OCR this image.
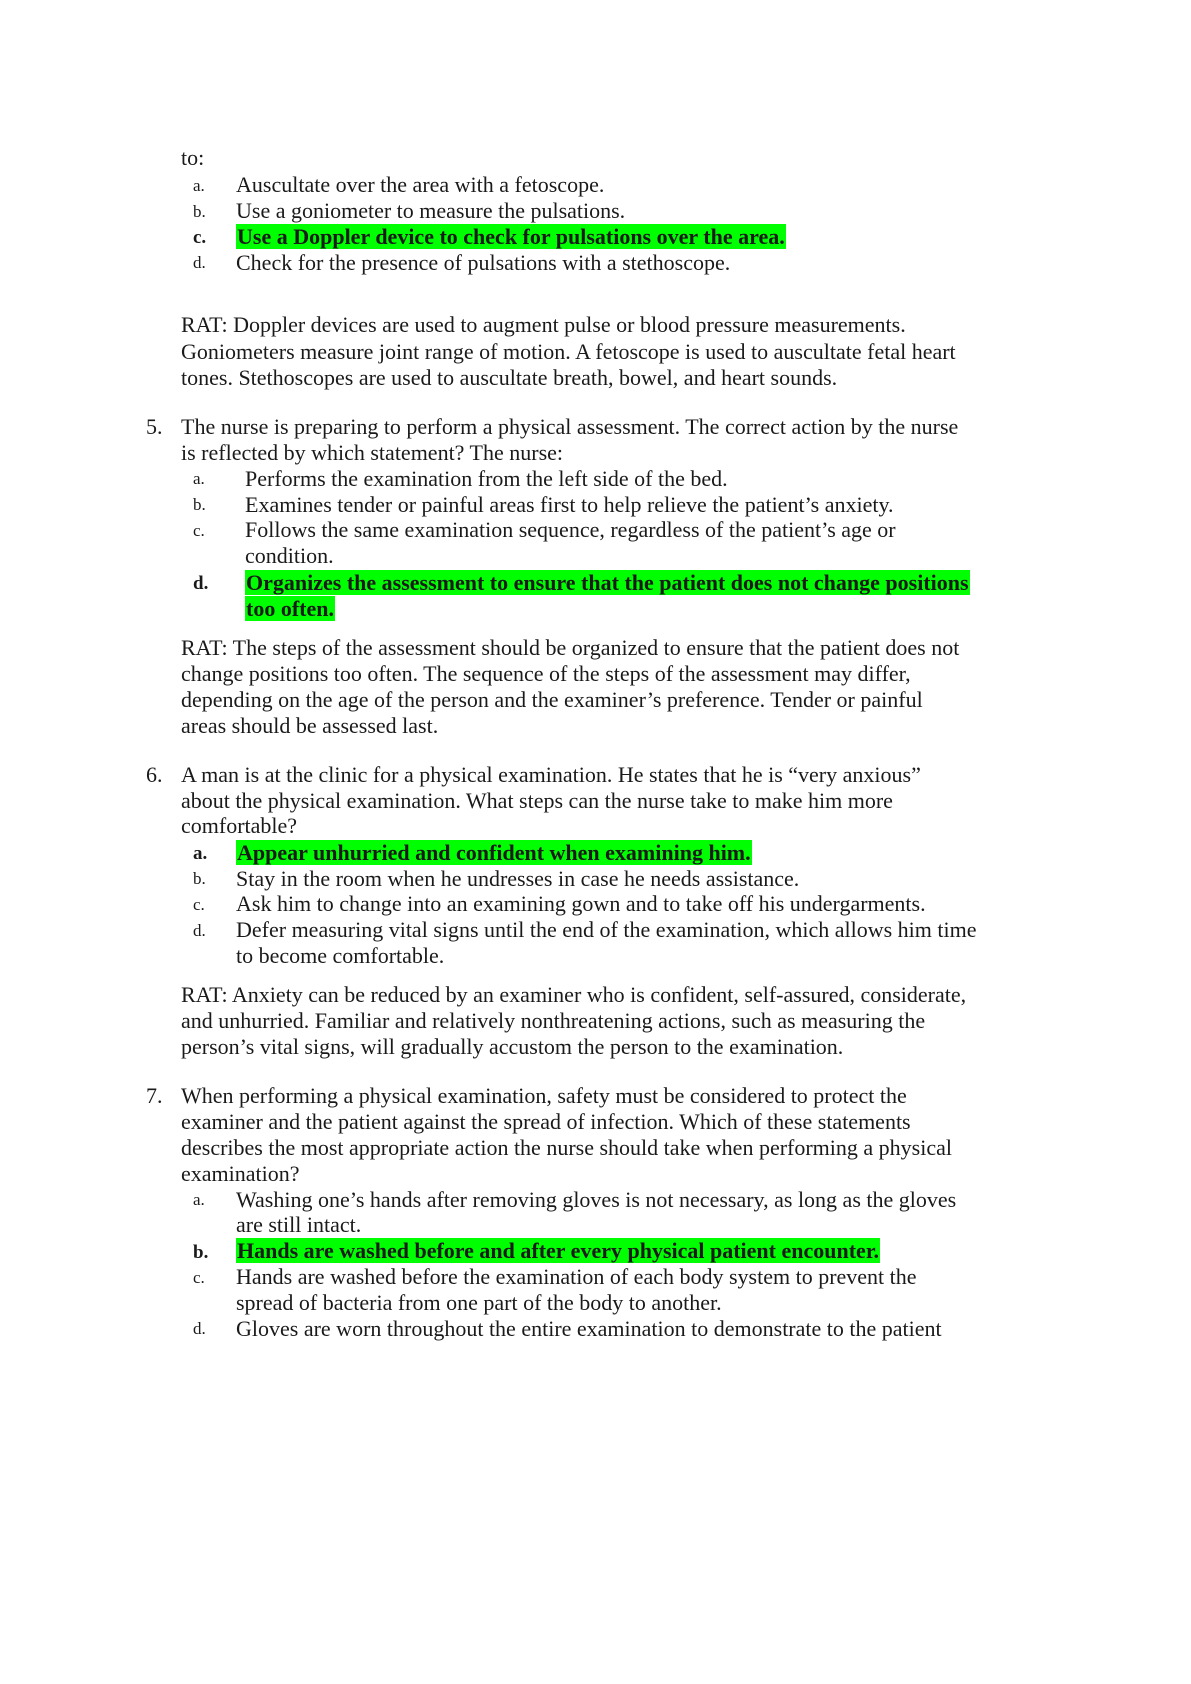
to:
a. Auscultate over the area with a fetoscope.
b. Use a goniometer to measure the pulsations.
c. Use a Doppler device to check for pulsations over the area.
d. Check for the presence of pulsations with a stethoscope.
RAT: Doppler devices are used to augment pulse or blood pressure measurements.
Goniometers measure joint range of motion. A fetoscope is used to auscultate fetal heart
tones. Stethoscopes are used to auscultate breath, bowel, and heart sounds.
5. The nurse is preparing to perform a physical assessment. The correct action by the nurse
is reflected by which statement? The nurse:
a. Performs the examination from the left side of the bed.
b. Examines tender or painful areas first to help relieve the patient’s anxiety.
c. Follows the same examination sequence, regardless of the patient’s age or
condition.
d. Organizes the assessment to ensure that the patient does not change positions
too often.
RAT: The steps of the assessment should be organized to ensure that the patient does not
change positions too often. The sequence of the steps of the assessment may differ,
depending on the age of the person and the examiner’s preference. Tender or painful
areas should be assessed last.
6. A man is at the clinic for a physical examination. He states that he is “very anxious”
about the physical examination. What steps can the nurse take to make him more
comfortable?
a. Appear unhurried and confident when examining him.
b. Stay in the room when he undresses in case he needs assistance.
c. Ask him to change into an examining gown and to take off his undergarments.
d. Defer measuring vital signs until the end of the examination, which allows him time
to become comfortable.
RAT: Anxiety can be reduced by an examiner who is confident, self-assured, considerate,
and unhurried. Familiar and relatively nonthreatening actions, such as measuring the
person’s vital signs, will gradually accustom the person to the examination.
7. When performing a physical examination, safety must be considered to protect the
examiner and the patient against the spread of infection. Which of these statements
describes the most appropriate action the nurse should take when performing a physical
examination?
a. Washing one’s hands after removing gloves is not necessary, as long as the gloves
are still intact.
b. Hands are washed before and after every physical patient encounter.
c. Hands are washed before the examination of each body system to prevent the
spread of bacteria from one part of the body to another.
d. Gloves are worn throughout the entire examination to demonstrate to the patient
